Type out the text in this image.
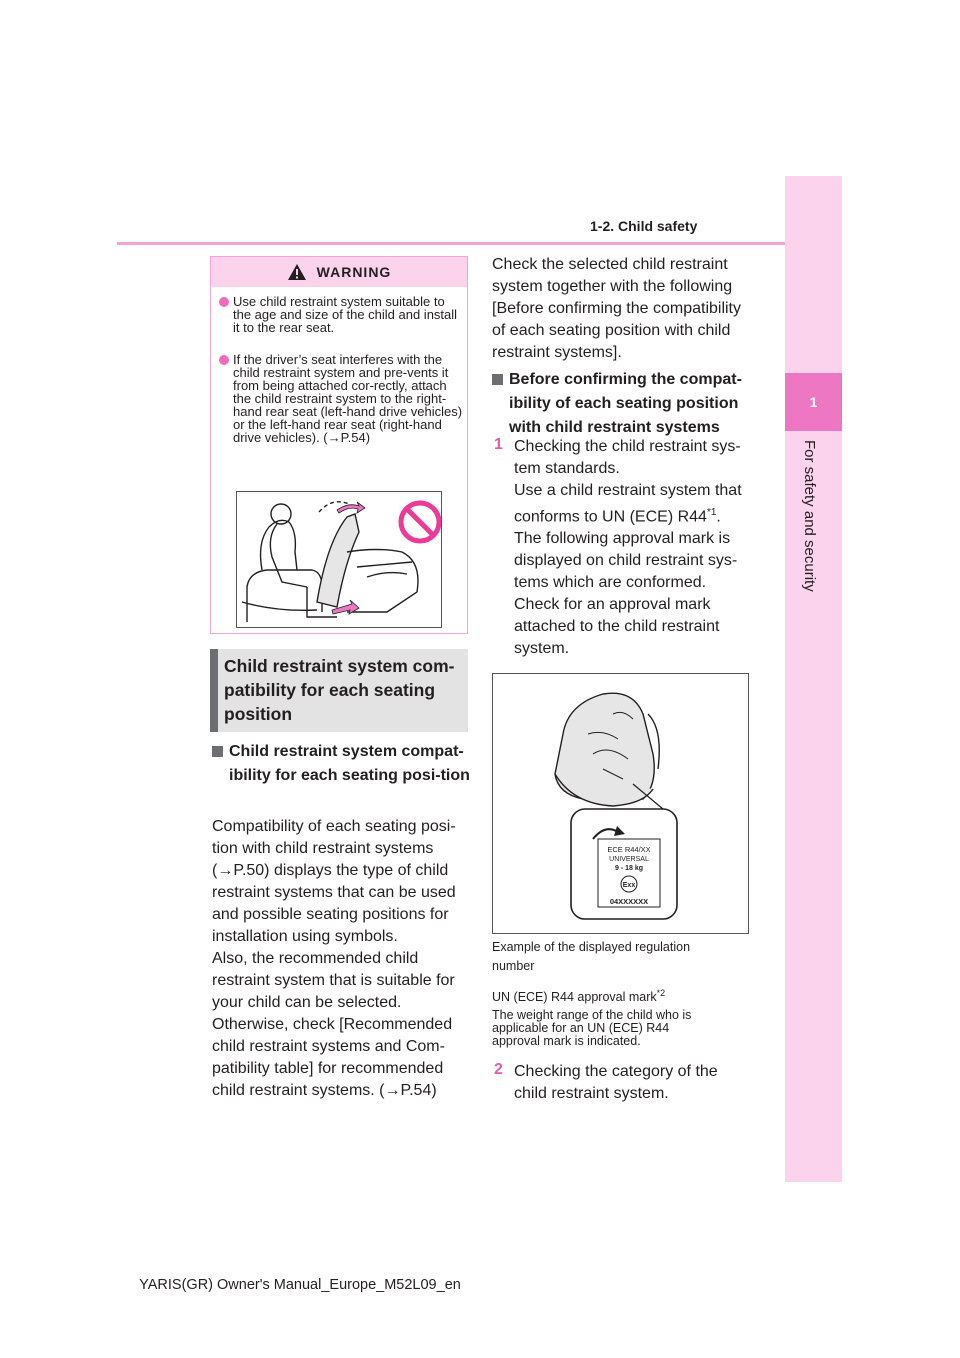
1-2. Child safety
1
For safety and security
WARNING
Use child restraint system suitable to the age and size of the child and install it to the rear seat.
If the driver’s seat interferes with the child restraint system and pre-vents it from being attached cor-rectly, attach the child restraint system to the right-hand rear seat (left-hand drive vehicles) or the left-hand rear seat (right-hand drive vehicles). (→P.54)
Child restraint system com-patibility for each seating position
Child restraint system compat-ibility for each seating posi-tion
Compatibility of each seating posi-
tion with child restraint systems
(→P.50) displays the type of child
restraint systems that can be used
and possible seating positions for
installation using symbols.
Also, the recommended child
restraint system that is suitable for
your child can be selected.
Otherwise, check [Recommended
child restraint systems and Com-
patibility table] for recommended
child restraint systems. (→P.54)
Check the selected child restraint
system together with the following
[Before confirming the compatibility
of each seating position with child
restraint systems].
Before confirming the compat-ibility of each seating position with child restraint systems
1 Checking the child restraint sys-
tem standards.
Use a child restraint system that
conforms to UN (ECE) R44$^{*1}$.
The following approval mark is
displayed on child restraint sys-
tems which are conformed.
Check for an approval mark
attached to the child restraint
system.
ECE R44/XX
UNIVERSAL
9 - 18 kg
Exx
04XXXXXX
Example of the displayed regulation
number
UN (ECE) R44 approval mark$^{*2}$
The weight range of the child who is
applicable for an UN (ECE) R44
approval mark is indicated.
2 Checking the category of the
child restraint system.
YARIS(GR) Owner's Manual_Europe_M52L09_en
